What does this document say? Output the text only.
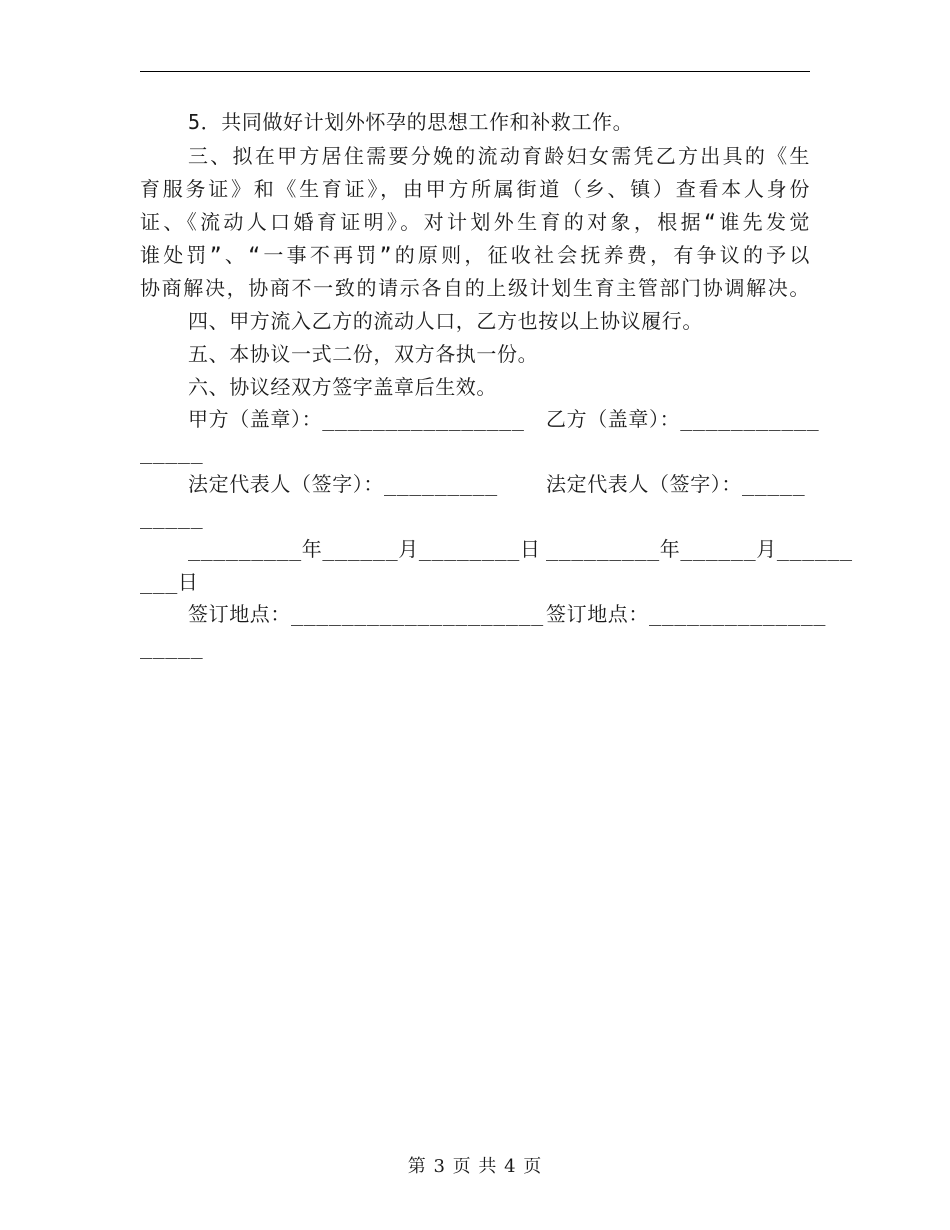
5．共同做好计划外怀孕的思想工作和补救工作。
三、拟在甲方居住需要分娩的流动育龄妇女需凭乙方出具的《生
育服务证》和《生育证》，由甲方所属街道（乡、镇）查看本人身份
证、《流动人口婚育证明》。对计划外生育的对象，根据“谁先发觉
谁处罚”、“一事不再罚”的原则，征收社会抚养费，有争议的予以
协商解决，协商不一致的请示各自的上级计划生育主管部门协调解决。
四、甲方流入乙方的流动人口，乙方也按以上协议履行。
五、本协议一式二份，双方各执一份。
六、协议经双方签字盖章后生效。
甲方（盖章）：________________ 乙方（盖章）：___________
_____
法定代表人（签字）：_________ 法定代表人（签字）：_____
_____
_________年______月________日 _________年______月______
___日
签订地点：____________________ 签订地点：______________
_____
第 3 页 共 4 页
